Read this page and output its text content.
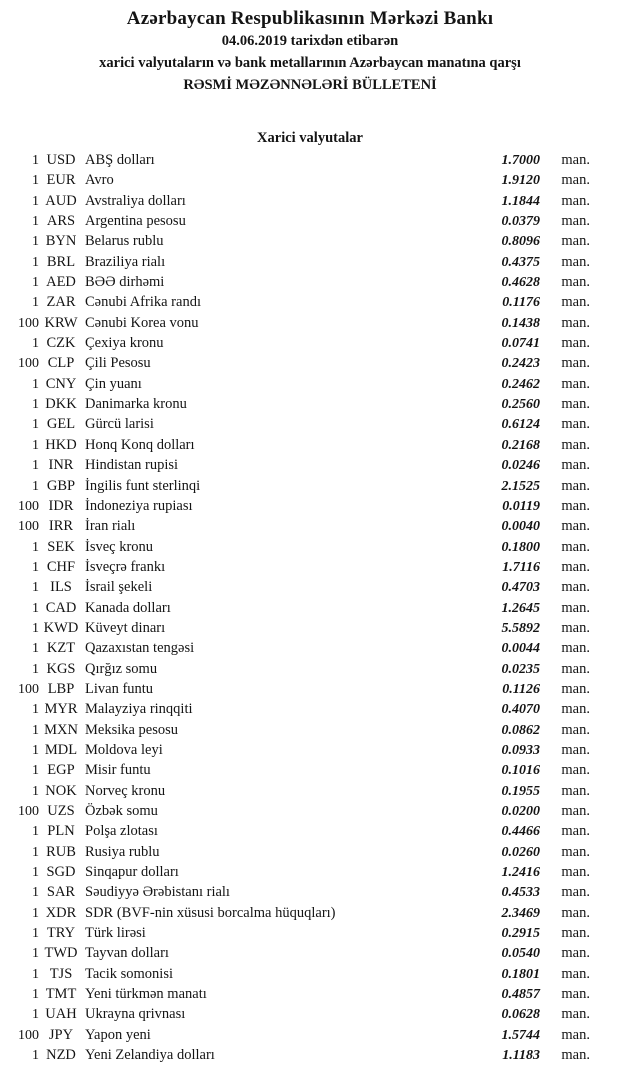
Azərbaycan Respublikasının Mərkəzi Bankı
04.06.2019 tarixdən etibarən
xarici valyutaların və bank metallarının Azərbaycan manatına qarşı
RƏSMİ MƏZƏNNƏLƏRİ BÜLLETENİ
Xarici valyutalar
1 USD ABŞ dolları	1.7000	man.
1 EUR Avro	1.9120	man.
1 AUD Avstraliya dolları	1.1844	man.
1 ARS Argentina pesosu	0.0379	man.
1 BYN Belarus rublu	0.8096	man.
1 BRL Braziliya rialı	0.4375	man.
1 AED BƏƏ dirhəmi	0.4628	man.
1 ZAR Cənubi Afrika randı	0.1176	man.
100 KRW Cənubi Korea vonu	0.1438	man.
1 CZK Çexiya kronu	0.0741	man.
100 CLP Çili Pesosu	0.2423	man.
1 CNY Çin yuanı	0.2462	man.
1 DKK Danimarka kronu	0.2560	man.
1 GEL Gürcü larisi	0.6124	man.
1 HKD Honq Konq dolları	0.2168	man.
1 INR Hindistan rupisi	0.0246	man.
1 GBP İngilis funt sterlinqi	2.1525	man.
100 IDR İndoneziya rupiası	0.0119	man.
100 IRR İran rialı	0.0040	man.
1 SEK İsveç kronu	0.1800	man.
1 CHF İsveçrə frankı	1.7116	man.
1 ILS İsrail şekeli	0.4703	man.
1 CAD Kanada dolları	1.2645	man.
1 KWD Küveyt dinarı	5.5892	man.
1 KZT Qazaxıstan tengəsi	0.0044	man.
1 KGS Qırğız somu	0.0235	man.
100 LBP Livan funtu	0.1126	man.
1 MYR Malayziya rinqqiti	0.4070	man.
1 MXN Meksika pesosu	0.0862	man.
1 MDL Moldova leyi	0.0933	man.
1 EGP Misir funtu	0.1016	man.
1 NOK Norveç kronu	0.1955	man.
100 UZS Özbək somu	0.0200	man.
1 PLN Polşa zlotası	0.4466	man.
1 RUB Rusiya rublu	0.0260	man.
1 SGD Sinqapur dolları	1.2416	man.
1 SAR Səudiyyə Ərəbistanı rialı	0.4533	man.
1 XDR SDR (BVF-nin xüsusi borcalma hüquqları)	2.3469	man.
1 TRY Türk lirəsi	0.2915	man.
1 TWD Tayvan dolları	0.0540	man.
1 TJS Tacik somonisi	0.1801	man.
1 TMT Yeni türkmən manatı	0.4857	man.
1 UAH Ukrayna qrivnası	0.0628	man.
100 JPY Yapon yeni	1.5744	man.
1 NZD Yeni Zelandiya dolları	1.1183	man.
